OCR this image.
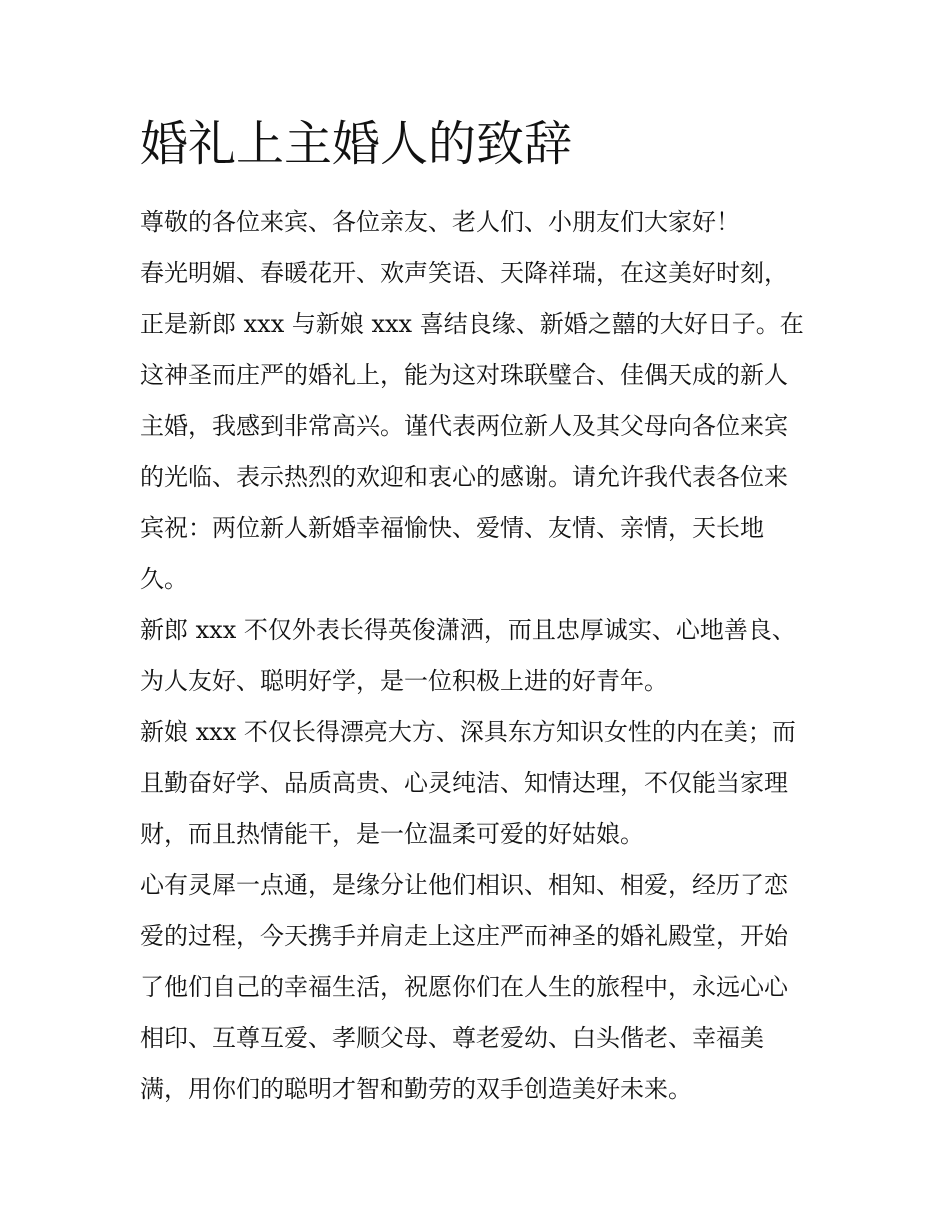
婚礼上主婚人的致辞

尊敬的各位来宾、各位亲友、老人们、小朋友们大家好！

春光明媚、春暖花开、欢声笑语、天降祥瑞，在这美好时刻，

正是新郎 xxx 与新娘 xxx 喜结良缘、新婚之囍的大好日子。在

这神圣而庄严的婚礼上，能为这对珠联璧合、佳偶天成的新人

主婚，我感到非常高兴。谨代表两位新人及其父母向各位来宾

的光临、表示热烈的欢迎和衷心的感谢。请允许我代表各位来

宾祝：两位新人新婚幸福愉快、爱情、友情、亲情，天长地

久。

新郎 xxx 不仅外表长得英俊潇洒，而且忠厚诚实、心地善良、

为人友好、聪明好学，是一位积极上进的好青年。

新娘 xxx 不仅长得漂亮大方、深具东方知识女性的内在美；而

且勤奋好学、品质高贵、心灵纯洁、知情达理，不仅能当家理

财，而且热情能干，是一位温柔可爱的好姑娘。

心有灵犀一点通，是缘分让他们相识、相知、相爱，经历了恋

爱的过程，今天携手并肩走上这庄严而神圣的婚礼殿堂，开始

了他们自己的幸福生活，祝愿你们在人生的旅程中，永远心心

相印、互尊互爱、孝顺父母、尊老爱幼、白头偕老、幸福美

满，用你们的聪明才智和勤劳的双手创造美好未来。
